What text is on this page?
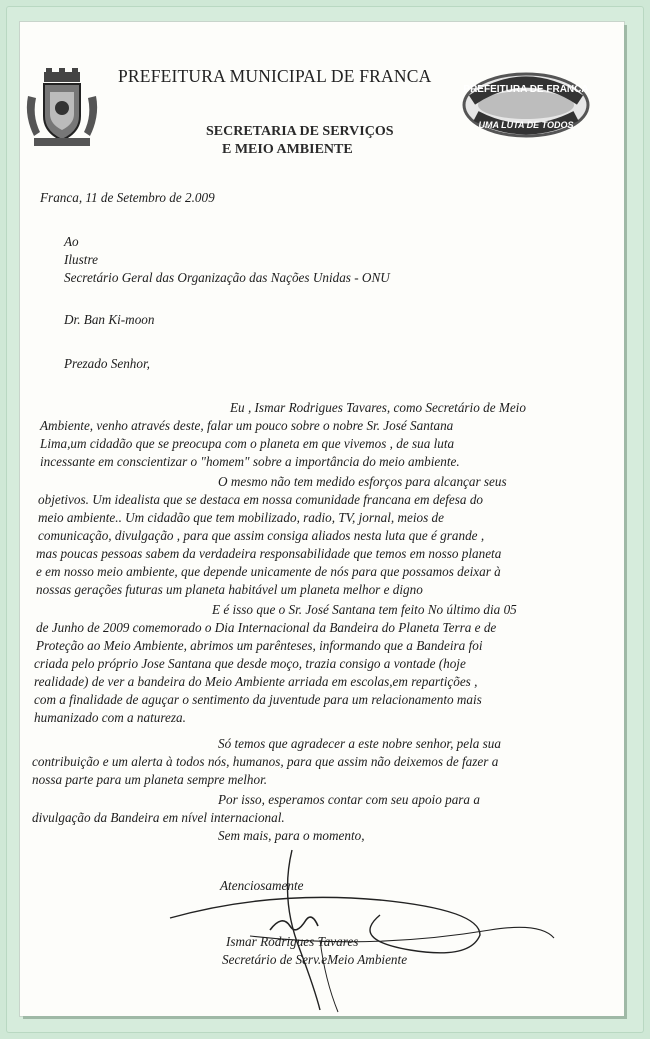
PREFEITURA MUNICIPAL DE FRANCA
SECRETARIA DE SERVIÇOS
E MEIO AMBIENTE
PREFEITURA DE FRANCA
UMA LUTA DE TODOS
Franca, 11 de Setembro de 2.009
Ao
Ilustre
Secretário Geral das Organização das Nações Unidas - ONU
Dr. Ban Ki-moon
Prezado Senhor,
Eu , Ismar Rodrigues Tavares, como Secretário de Meio
Ambiente, venho através deste, falar um pouco sobre o nobre Sr. José Santana
Lima,um cidadão que se preocupa com o planeta em que vivemos , de sua luta
incessante em conscientizar o "homem" sobre a importância do meio ambiente.
O mesmo não tem medido esforços para alcançar seus
objetivos. Um idealista que se destaca em nossa comunidade francana em defesa do
meio ambiente.. Um cidadão que tem mobilizado, radio, TV, jornal, meios de
comunicação, divulgação , para que assim consiga aliados nesta luta que é grande ,
mas poucas pessoas sabem da verdadeira responsabilidade que temos em nosso planeta
e em nosso meio ambiente, que depende unicamente de nós para que possamos deixar à
nossas gerações futuras um planeta habitável um planeta melhor e digno
E é isso que o Sr. José Santana tem feito No último dia 05
de Junho de 2009 comemorado o Dia Internacional da Bandeira do Planeta Terra e de
Proteção ao Meio Ambiente, abrimos um parênteses, informando que a Bandeira foi
criada pelo próprio Jose Santana que desde moço, trazia consigo a vontade (hoje
realidade) de ver a bandeira do Meio Ambiente arriada em escolas,em repartições ,
com a finalidade de aguçar o sentimento da juventude para um relacionamento mais
humanizado com a natureza.
Só temos que agradecer a este nobre senhor, pela sua
contribuição e um alerta à todos nós, humanos, para que assim não deixemos de fazer a
nossa parte para um planeta sempre melhor.
Por isso, esperamos contar com seu apoio para a
divulgação da Bandeira em nível internacional.
Sem mais, para o momento,
Atenciosamente
Ismar Rodrigues Tavares
Secretário de Serv.eMeio Ambiente
